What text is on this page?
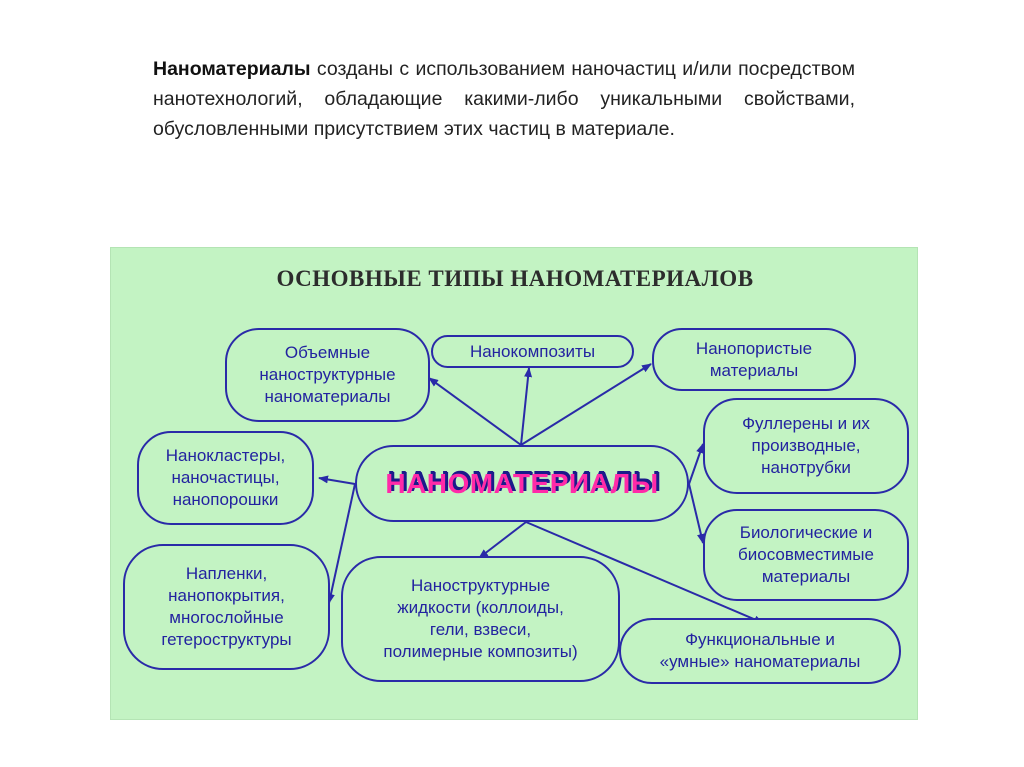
Наноматериалы созданы с использованием наночастиц и/или посредством нанотехнологий, обладающие какими-либо уникальными свойствами, обусловленными присутствием этих частиц в материале.

ОСНОВНЫЕ ТИПЫ НАНОМАТЕРИАЛОВ

Объемные
наноструктурные
наноматериалы
Нанокомпозиты	Нанопористые
материалы
Фуллерены и их
производные,
нанотрубки
Нанокластеры,
наночастицы,
нанопорошки
Биологические и
биосовместимые
материалы
Напленки,
нанопокрытия,
многослойные
гетероструктуры
Наноструктурные
жидкости (коллоиды,
гели, взвеси,
полимерные композиты)
Функциональные и
«умные» наноматериалы
НАНОМАТЕРИАЛЫ
